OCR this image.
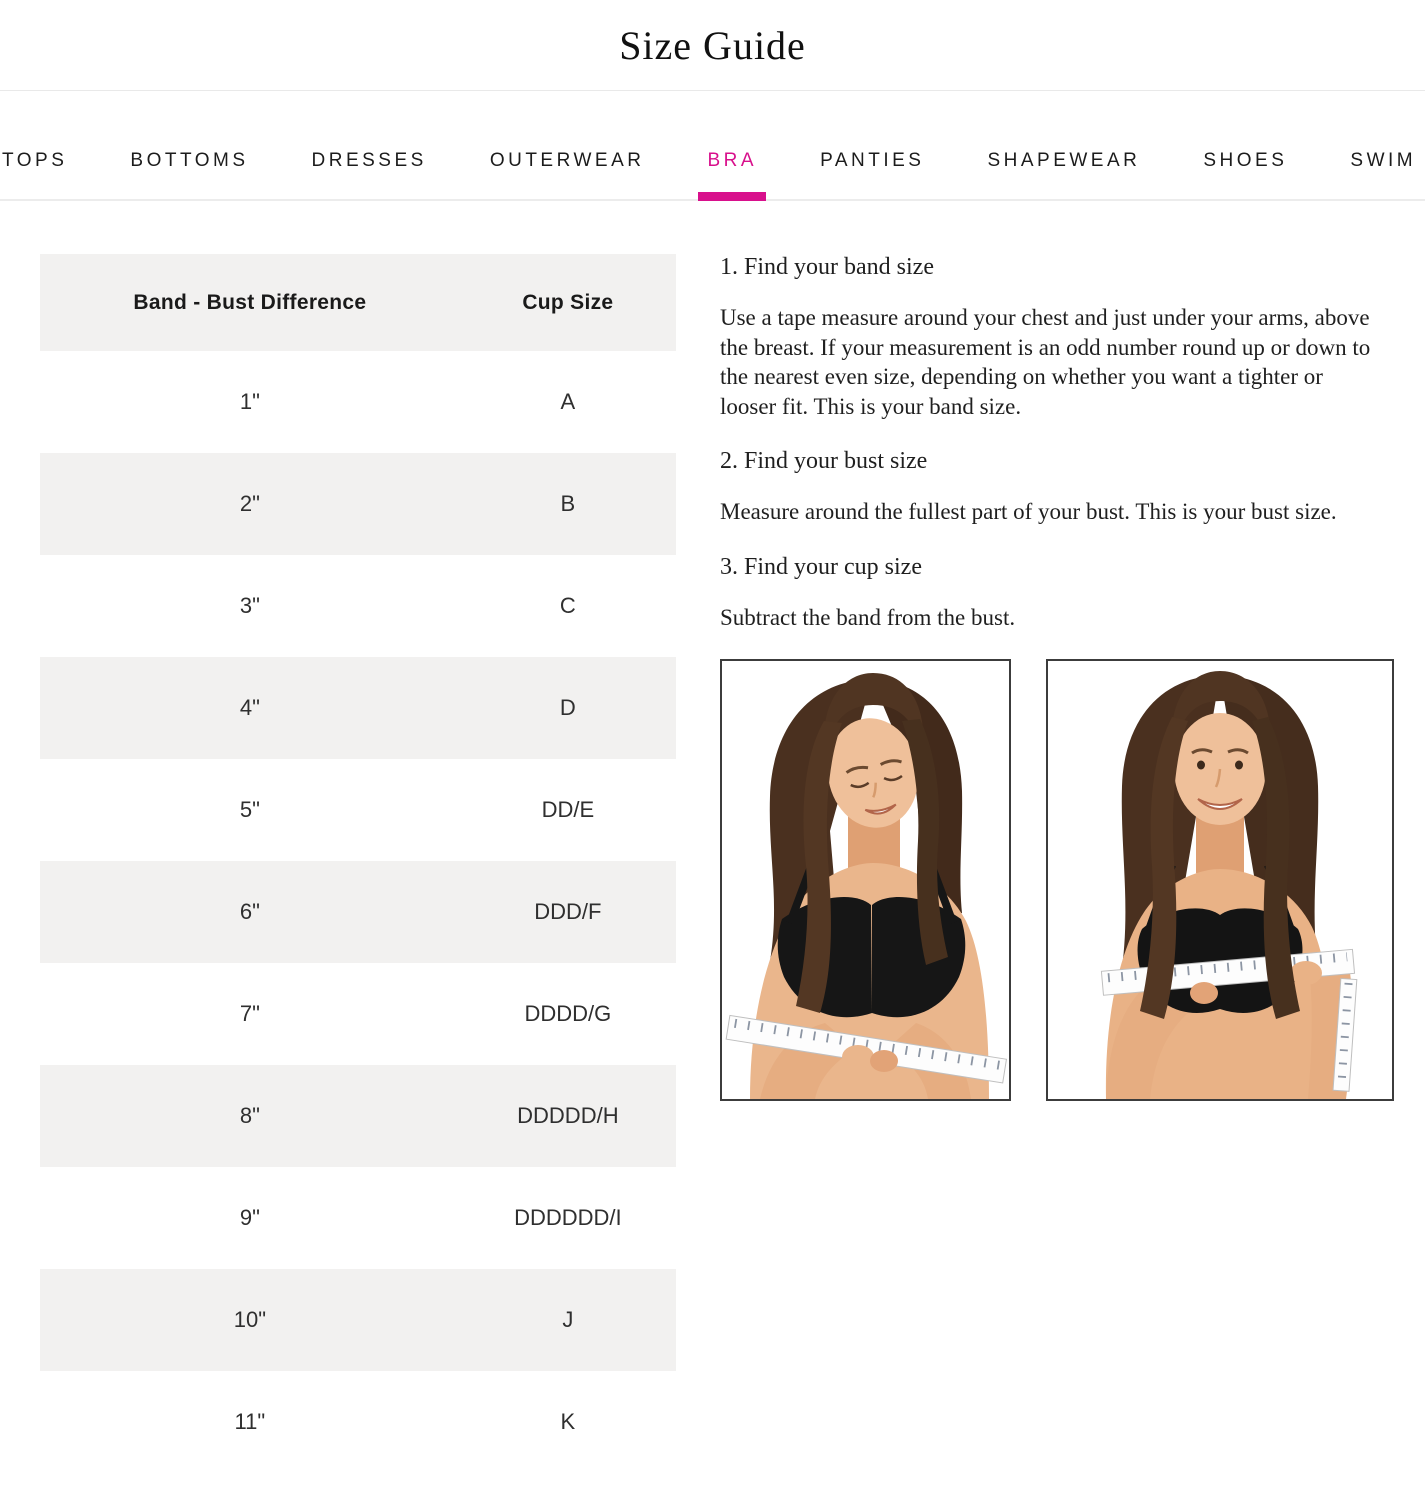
Size Guide
TOPS	BOTTOMS	DRESSES	OUTERWEAR	BRA	PANTIES	SHAPEWEAR	SHOES	SWIM
Band - Bust Difference	Cup Size
1"	A
2"	B
3"	C
4"	D
5"	DD/E
6"	DDD/F
7"	DDDD/G
8"	DDDDD/H
9"	DDDDDD/I
10"	J
11"	K
1. Find your band size

Use a tape measure around your chest and just under your arms, above the breast. If your measurement is an odd number round up or down to the nearest even size, depending on whether you want a tighter or looser fit. This is your band size.

2. Find your bust size

Measure around the fullest part of your bust. This is your bust size.

3. Find your cup size

Subtract the band from the bust.
